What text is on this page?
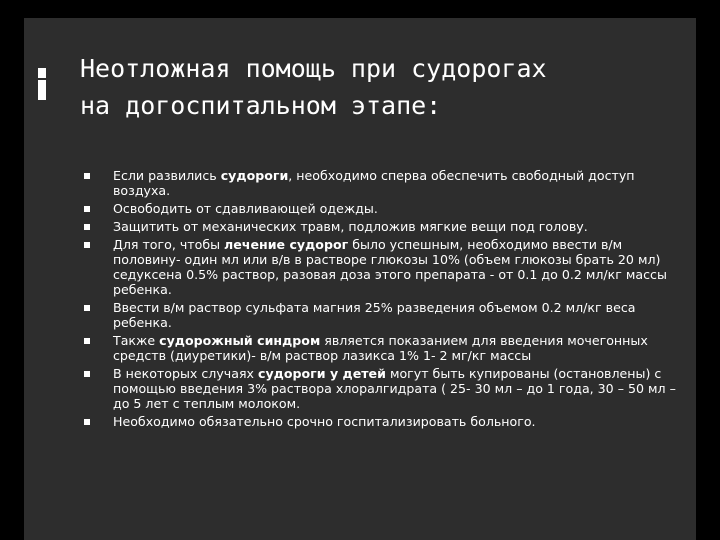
Неотложная помощь при судорогах
на догоспитальном этапе:
Если развились судороги, необходимо сперва обеспечить свободный доступ воздуха.
Освободить от сдавливающей одежды.
Защитить от механических травм, подложив мягкие вещи под голову.
Для того, чтобы лечение судорог было успешным, необходимо ввести в/м половину- один мл или в/в в растворе глюкозы 10% (объем глюкозы брать 20 мл) седуксена 0.5% раствор, разовая доза этого препарата - от 0.1 до 0.2 мл/кг массы ребенка.
Ввести в/м раствор сульфата магния 25% разведения объемом 0.2 мл/кг веса ребенка.
Также судорожный синдром является показанием для введения мочегонных средств (диуретики)- в/м раствор лазикса 1% 1- 2 мг/кг массы
В некоторых случаях судороги у детей могут быть купированы (остановлены) с помощью введения 3% раствора хлоралгидрата ( 25- 30 мл – до 1 года, 30 – 50 мл – до 5 лет с теплым молоком.
Необходимо обязательно срочно госпитализировать больного.
